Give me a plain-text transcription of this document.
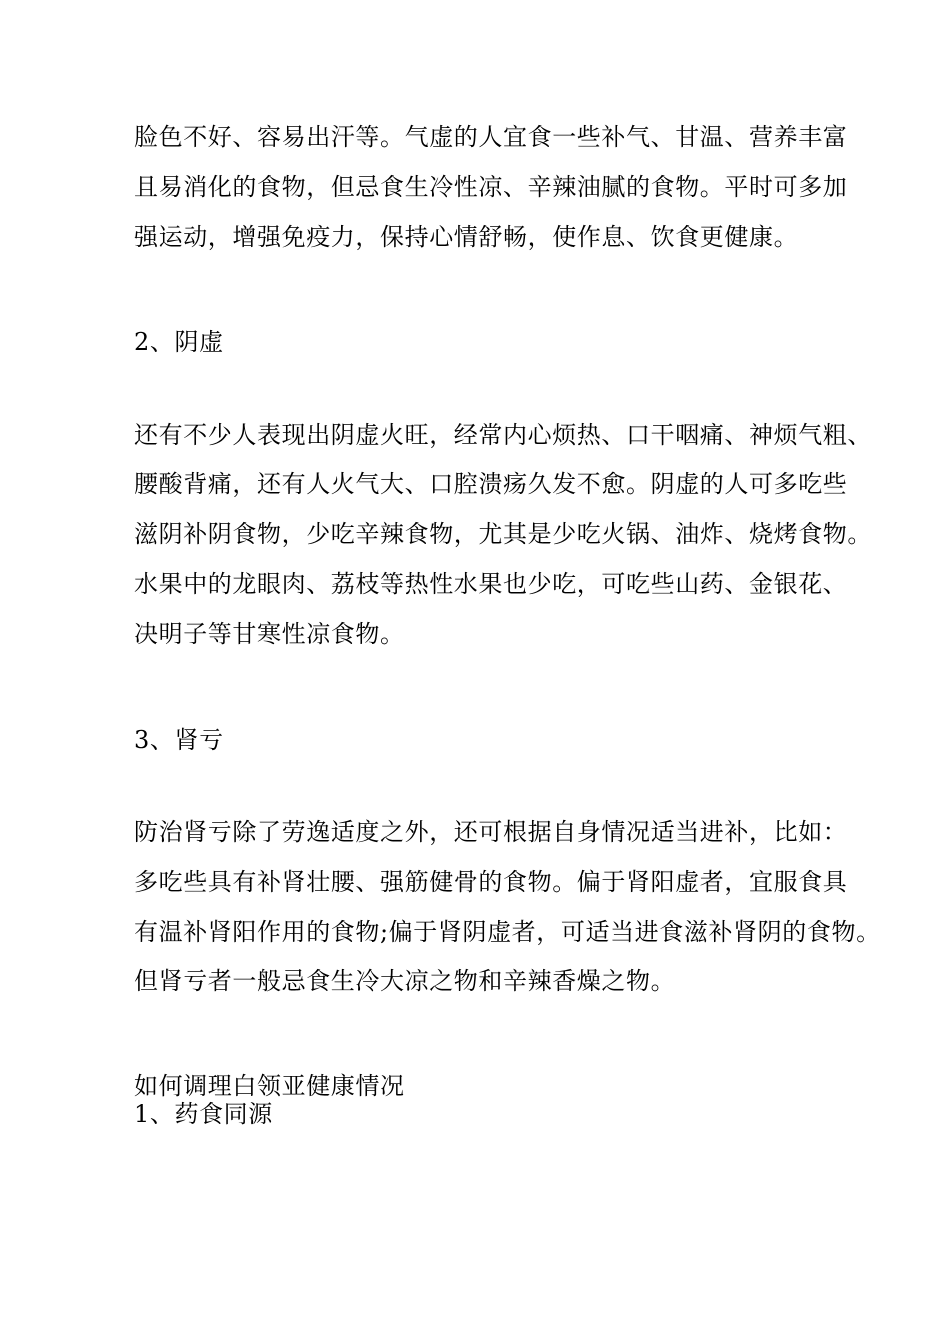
脸色不好、容易出汗等。气虚的人宜食一些补气、甘温、营养丰富
且易消化的食物，但忌食生冷性凉、辛辣油腻的食物。平时可多加
强运动，增强免疫力，保持心情舒畅，使作息、饮食更健康。
2、阴虚
还有不少人表现出阴虚火旺，经常内心烦热、口干咽痛、神烦气粗、
腰酸背痛，还有人火气大、口腔溃疡久发不愈。阴虚的人可多吃些
滋阴补阴食物，少吃辛辣食物，尤其是少吃火锅、油炸、烧烤食物。
水果中的龙眼肉、荔枝等热性水果也少吃，可吃些山药、金银花、
决明子等甘寒性凉食物。
3、肾亏
防治肾亏除了劳逸适度之外，还可根据自身情况适当进补，比如：
多吃些具有补肾壮腰、强筋健骨的食物。偏于肾阳虚者，宜服食具
有温补肾阳作用的食物;偏于肾阴虚者，可适当进食滋补肾阴的食物。
但肾亏者一般忌食生冷大凉之物和辛辣香燥之物。
如何调理白领亚健康情况
1、药食同源
